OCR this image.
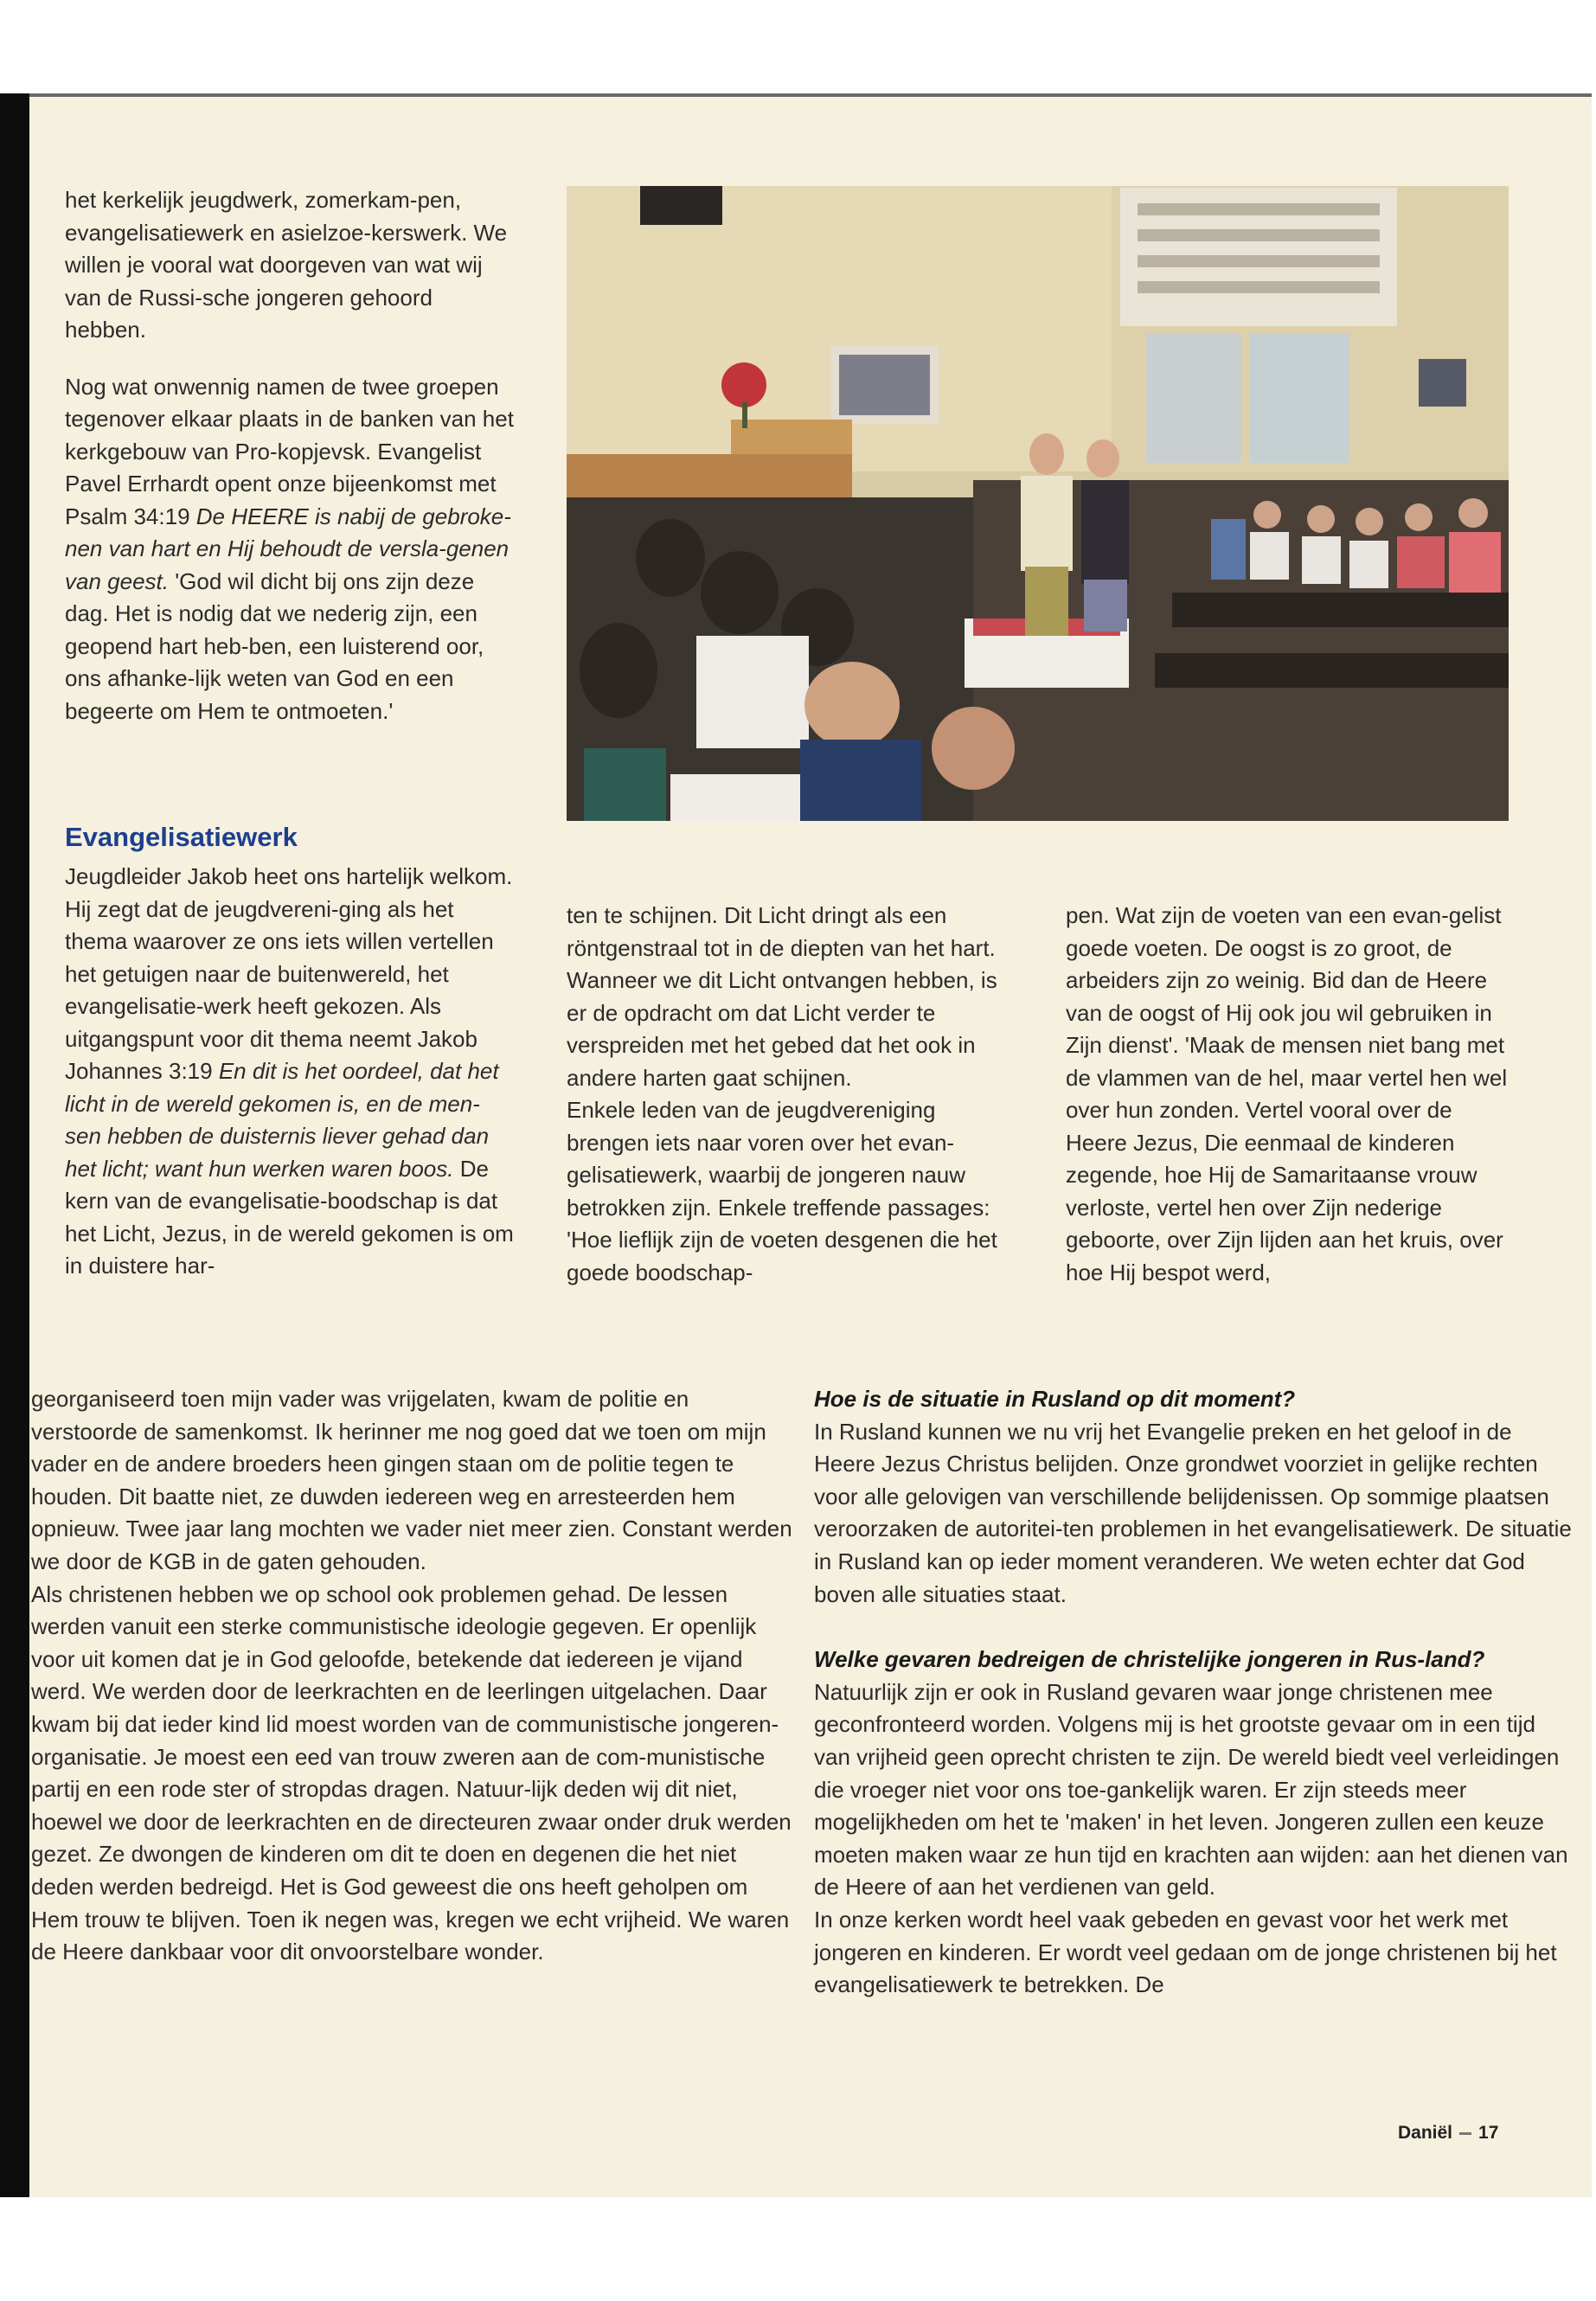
het kerkelijk jeugdwerk, zomerkam-pen, evangelisatiewerk en asielzoe-kerswerk. We willen je vooral wat doorgeven van wat wij van de Russi-sche jongeren gehoord hebben.

Nog wat onwennig namen de twee groepen tegenover elkaar plaats in de banken van het kerkgebouw van Pro-kopjevsk. Evangelist Pavel Errhardt opent onze bijeenkomst met Psalm 34:19 De HEERE is nabij de gebroke-nen van hart en Hij behoudt de versla-genen van geest. 'God wil dicht bij ons zijn deze dag. Het is nodig dat we nederig zijn, een geopend hart heb-ben, een luisterend oor, ons afhanke-lijk weten van God en een begeerte om Hem te ontmoeten.'

Evangelisatiewerk

Jeugdleider Jakob heet ons hartelijk welkom. Hij zegt dat de jeugdvereni-ging als het thema waarover ze ons iets willen vertellen het getuigen naar de buitenwereld, het evangelisatie-werk heeft gekozen. Als uitgangspunt voor dit thema neemt Jakob Johannes 3:19 En dit is het oordeel, dat het licht in de wereld gekomen is, en de men-sen hebben de duisternis liever gehad dan het licht; want hun werken waren boos. De kern van de evangelisatie-boodschap is dat het Licht, Jezus, in de wereld gekomen is om in duistere har-

ten te schijnen. Dit Licht dringt als een röntgenstraal tot in de diepten van het hart. Wanneer we dit Licht ontvangen hebben, is er de opdracht om dat Licht verder te verspreiden met het gebed dat het ook in andere harten gaat schijnen.

Enkele leden van de jeugdvereniging brengen iets naar voren over het evan-gelisatiewerk, waarbij de jongeren nauw betrokken zijn. Enkele treffende passages: 'Hoe lieflijk zijn de voeten desgenen die het goede boodschap-

pen. Wat zijn de voeten van een evan-gelist goede voeten. De oogst is zo groot, de arbeiders zijn zo weinig. Bid dan de Heere van de oogst of Hij ook jou wil gebruiken in Zijn dienst'. 'Maak de mensen niet bang met de vlammen van de hel, maar vertel hen wel over hun zonden. Vertel vooral over de Heere Jezus, Die eenmaal de kinderen zegende, hoe Hij de Samaritaanse vrouw verloste, vertel hen over Zijn nederige geboorte, over Zijn lijden aan het kruis, over hoe Hij bespot werd,

georganiseerd toen mijn vader was vrijgelaten, kwam de politie en verstoorde de samenkomst. Ik herinner me nog goed dat we toen om mijn vader en de andere broeders heen gingen staan om de politie tegen te houden. Dit baatte niet, ze duwden iedereen weg en arresteerden hem opnieuw. Twee jaar lang mochten we vader niet meer zien. Constant werden we door de KGB in de gaten gehouden.

Als christenen hebben we op school ook problemen gehad. De lessen werden vanuit een sterke communistische ideologie gegeven. Er openlijk voor uit komen dat je in God geloofde, betekende dat iedereen je vijand werd. We werden door de leerkrachten en de leerlingen uitgelachen. Daar kwam bij dat ieder kind lid moest worden van de communistische jongeren-organisatie. Je moest een eed van trouw zweren aan de com-munistische partij en een rode ster of stropdas dragen. Natuur-lijk deden wij dit niet, hoewel we door de leerkrachten en de directeuren zwaar onder druk werden gezet. Ze dwongen de kinderen om dit te doen en degenen die het niet deden werden bedreigd. Het is God geweest die ons heeft geholpen om Hem trouw te blijven. Toen ik negen was, kregen we echt vrijheid. We waren de Heere dankbaar voor dit onvoorstelbare wonder.

Hoe is de situatie in Rusland op dit moment?

In Rusland kunnen we nu vrij het Evangelie preken en het geloof in de Heere Jezus Christus belijden. Onze grondwet voorziet in gelijke rechten voor alle gelovigen van verschillende belijdenissen. Op sommige plaatsen veroorzaken de autoritei-ten problemen in het evangelisatiewerk. De situatie in Rusland kan op ieder moment veranderen. We weten echter dat God boven alle situaties staat.

Welke gevaren bedreigen de christelijke jongeren in Rus-land?

Natuurlijk zijn er ook in Rusland gevaren waar jonge christenen mee geconfronteerd worden. Volgens mij is het grootste gevaar om in een tijd van vrijheid geen oprecht christen te zijn. De wereld biedt veel verleidingen die vroeger niet voor ons toe-gankelijk waren. Er zijn steeds meer mogelijkheden om het te 'maken' in het leven. Jongeren zullen een keuze moeten maken waar ze hun tijd en krachten aan wijden: aan het dienen van de Heere of aan het verdienen van geld.

In onze kerken wordt heel vaak gebeden en gevast voor het werk met jongeren en kinderen. Er wordt veel gedaan om de jonge christenen bij het evangelisatiewerk te betrekken. De

Daniël 17
